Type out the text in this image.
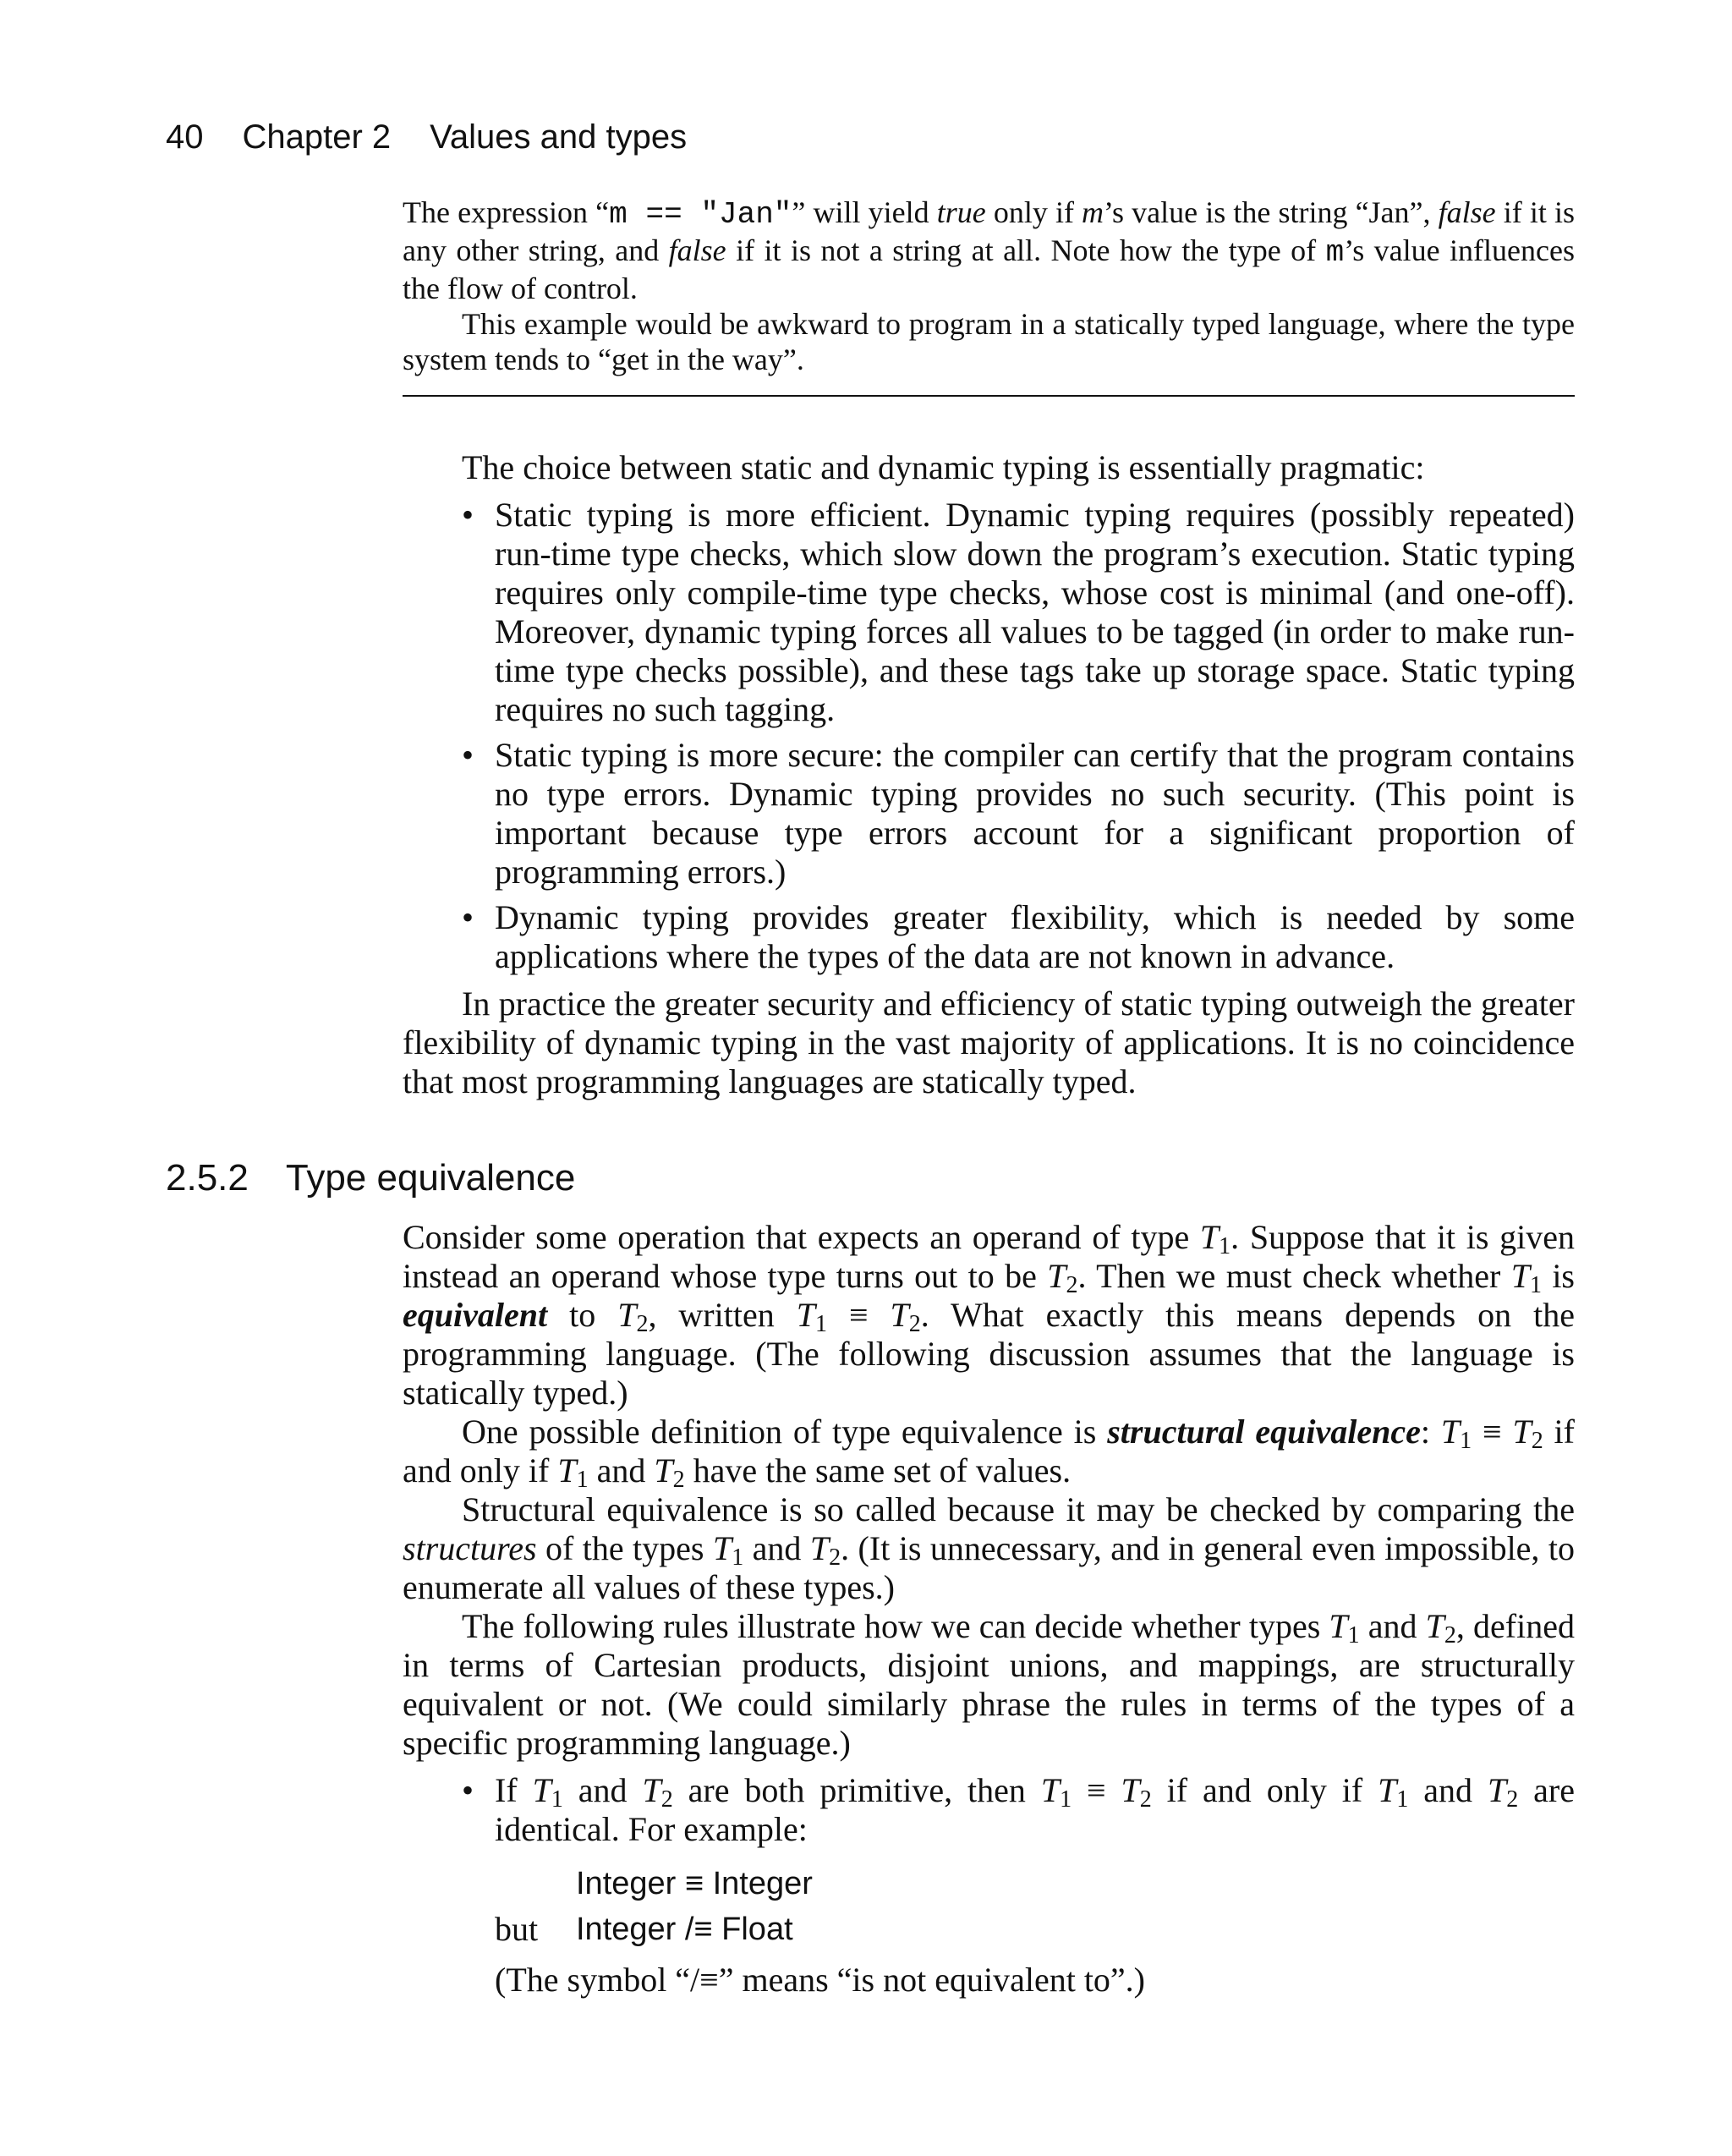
40 Chapter 2 Values and types

The expression “m == "Jan"” will yield true only if m’s value is the string “Jan”, false if it is any other string, and false if it is not a string at all. Note how the type of m’s value influences the flow of control.

This example would be awkward to program in a statically typed language, where the type system tends to “get in the way”.

The choice between static and dynamic typing is essentially pragmatic:

• Static typing is more efficient. Dynamic typing requires (possibly repeated) run-time type checks, which slow down the program’s execution. Static typing requires only compile-time type checks, whose cost is minimal (and one-off). Moreover, dynamic typing forces all values to be tagged (in order to make run-time type checks possible), and these tags take up storage space. Static typing requires no such tagging.
• Static typing is more secure: the compiler can certify that the program contains no type errors. Dynamic typing provides no such security. (This point is important because type errors account for a significant proportion of programming errors.)
• Dynamic typing provides greater flexibility, which is needed by some applications where the types of the data are not known in advance.

In practice the greater security and efficiency of static typing outweigh the greater flexibility of dynamic typing in the vast majority of applications. It is no coincidence that most programming languages are statically typed.

2.5.2 Type equivalence

Consider some operation that expects an operand of type $T_1$. Suppose that it is given instead an operand whose type turns out to be $T_2$. Then we must check whether $T_1$ is equivalent to $T_2$, written $T_1 \equiv T_2$. What exactly this means depends on the programming language. (The following discussion assumes that the language is statically typed.)

One possible definition of type equivalence is structural equivalence: $T_1 \equiv T_2$ if and only if $T_1$ and $T_2$ have the same set of values.

Structural equivalence is so called because it may be checked by comparing the structures of the types $T_1$ and $T_2$. (It is unnecessary, and in general even impossible, to enumerate all values of these types.)

The following rules illustrate how we can decide whether types $T_1$ and $T_2$, defined in terms of Cartesian products, disjoint unions, and mappings, are structurally equivalent or not. (We could similarly phrase the rules in terms of the types of a specific programming language.)

• If $T_1$ and $T_2$ are both primitive, then $T_1 \equiv T_2$ if and only if $T_1$ and $T_2$ are identical. For example:
Integer ≡ Integer
but	Integer /≡ Float
(The symbol “/≡” means “is not equivalent to”.)
